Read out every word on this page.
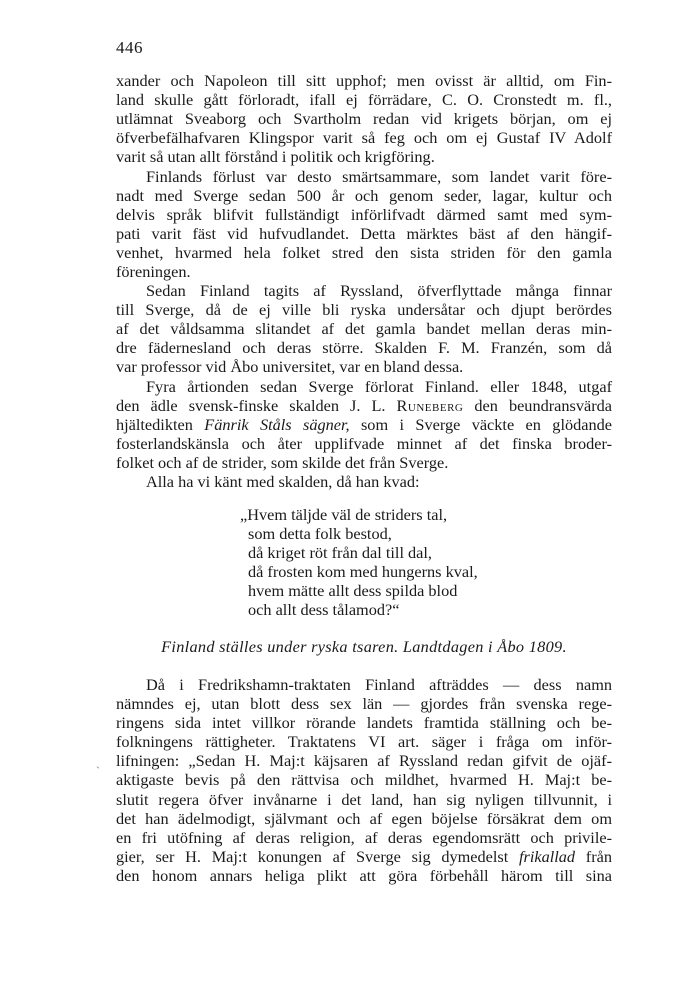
446
xander och Napoleon till sitt upphof; men ovisst är alltid, om Fin-
land skulle gått förloradt, ifall ej förrädare, C. O. Cronstedt m. fl.,
utlämnat Sveaborg och Svartholm redan vid krigets början, om ej
öfverbefälhafvaren Klingspor varit så feg och om ej Gustaf IV Adolf
varit så utan allt förstånd i politik och krigföring.
Finlands förlust var desto smärtsammare, som landet varit före-
nadt med Sverge sedan 500 år och genom seder, lagar, kultur och
delvis språk blifvit fullständigt införlifvadt därmed samt med sym-
pati varit fäst vid hufvudlandet. Detta märktes bäst af den hängif-
venhet, hvarmed hela folket stred den sista striden för den gamla
föreningen.
Sedan Finland tagits af Ryssland, öfverflyttade många finnar
till Sverge, då de ej ville bli ryska undersåtar och djupt berördes
af det våldsamma slitandet af det gamla bandet mellan deras min-
dre fädernesland och deras större. Skalden F. M. Franzén, som då
var professor vid Åbo universitet, var en bland dessa.
Fyra årtionden sedan Sverge förlorat Finland. eller 1848, utgaf
den ädle svensk-finske skalden J. L. Runeberg den beundransvärda
hjältedikten Fänrik Ståls sägner, som i Sverge väckte en glödande
fosterlandskänsla och åter upplifvade minnet af det finska broder-
folket och af de strider, som skilde det från Sverge.
Alla ha vi känt med skalden, då han kvad:
„Hvem täljde väl de striders tal,
som detta folk bestod,
då kriget röt från dal till dal,
då frosten kom med hungerns kval,
hvem mätte allt dess spilda blod
och allt dess tålamod?“
Finland ställes under ryska tsaren. Landtdagen i Åbo 1809.
Då i Fredrikshamn-traktaten Finland afträddes — dess namn
nämndes ej, utan blott dess sex län — gjordes från svenska rege-
ringens sida intet villkor rörande landets framtida ställning och be-
folkningens rättigheter. Traktatens VI art. säger i fråga om inför-
lifningen: „Sedan H. Maj:t käjsaren af Ryssland redan gifvit de ojäf-
aktigaste bevis på den rättvisa och mildhet, hvarmed H. Maj:t be-
slutit regera öfver invånarne i det land, han sig nyligen tillvunnit, i
det han ädelmodigt, självmant och af egen böjelse försäkrat dem om
en fri utöfning af deras religion, af deras egendomsrätt och privile-
gier, ser H. Maj:t konungen af Sverge sig dymedelst frikallad från
den honom annars heliga plikt att göra förbehåll härom till sina
`
